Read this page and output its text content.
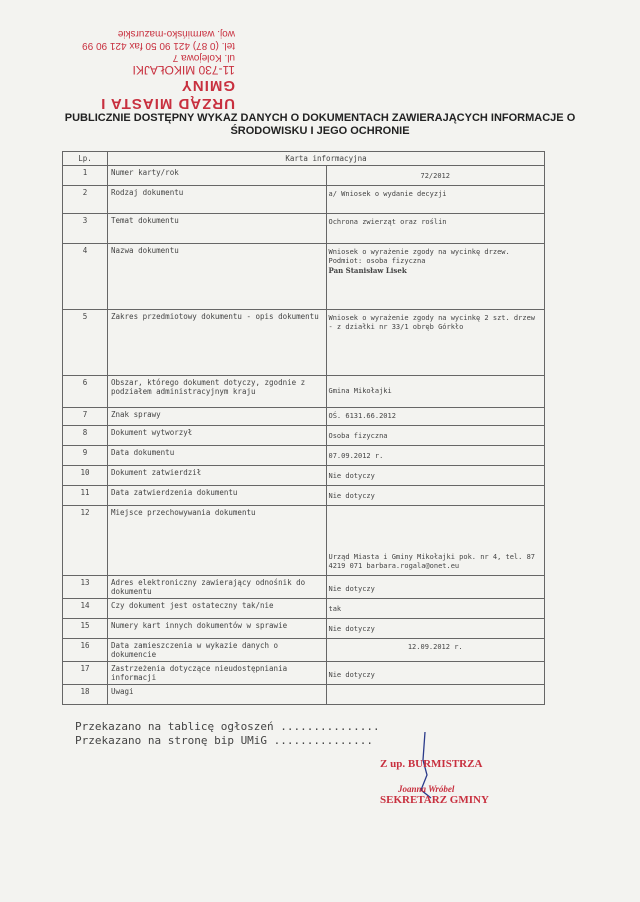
URZĄD MIASTA I GMINY
11-730 MIKOŁAJKI
ul. Kolejowa 7
tel. (0 87) 421 90 50 fax 421 90 99
woj. warmińsko-mazurskie
PUBLICZNIE DOSTĘPNY WYKAZ DANYCH O DOKUMENTACH ZAWIERAJĄCYCH INFORMACJE O ŚRODOWISKU I JEGO OCHRONIE
Lp.	Karta informacyjna	
1	Numer karty/rok	72/2012
2	Rodzaj dokumentu	a/ Wniosek o wydanie decyzji
3	Temat dokumentu	Ochrona zwierząt oraz roślin
4	Nazwa dokumentu	Wniosek o wyrażenie zgody na wycinkę drzew. Podmiot: osoba fizyczna
Pan Stanisław Lisek

5	Zakres przedmiotowy dokumentu - opis dokumentu	Wniosek o wyrażenie zgody na wycinkę 2 szt. drzew - z działki nr 33/1 obręb Górkło
6	Obszar, którego dokument dotyczy, zgodnie z podziałem administracyjnym kraju	Gmina Mikołajki
7	Znak sprawy	OŚ. 6131.66.2012
8	Dokument wytworzył	Osoba fizyczna
9	Data dokumentu	07.09.2012 r.
10	Dokument zatwierdził	Nie dotyczy
11	Data zatwierdzenia dokumentu	Nie dotyczy
12	Miejsce przechowywania dokumentu	Urząd Miasta i Gminy Mikołajki pok. nr 4, tel. 87 4219 071 barbara.rogala@onet.eu
13	Adres elektroniczny zawierający odnośnik do dokumentu	Nie dotyczy
14	Czy dokument jest ostateczny tak/nie	tak
15	Numery kart innych dokumentów w sprawie	Nie dotyczy
16	Data zamieszczenia w wykazie danych o dokumencie	12.09.2012 r.
17	Zastrzeżenia dotyczące nieudostępniania informacji	Nie dotyczy
18	Uwagi	
Przekazano na tablicę ogłoszeń ...............
Przekazano na stronę bip UMiG ...............
Z up. BURMISTRZA
Joanna Wróbel
SEKRETARZ GMINY
